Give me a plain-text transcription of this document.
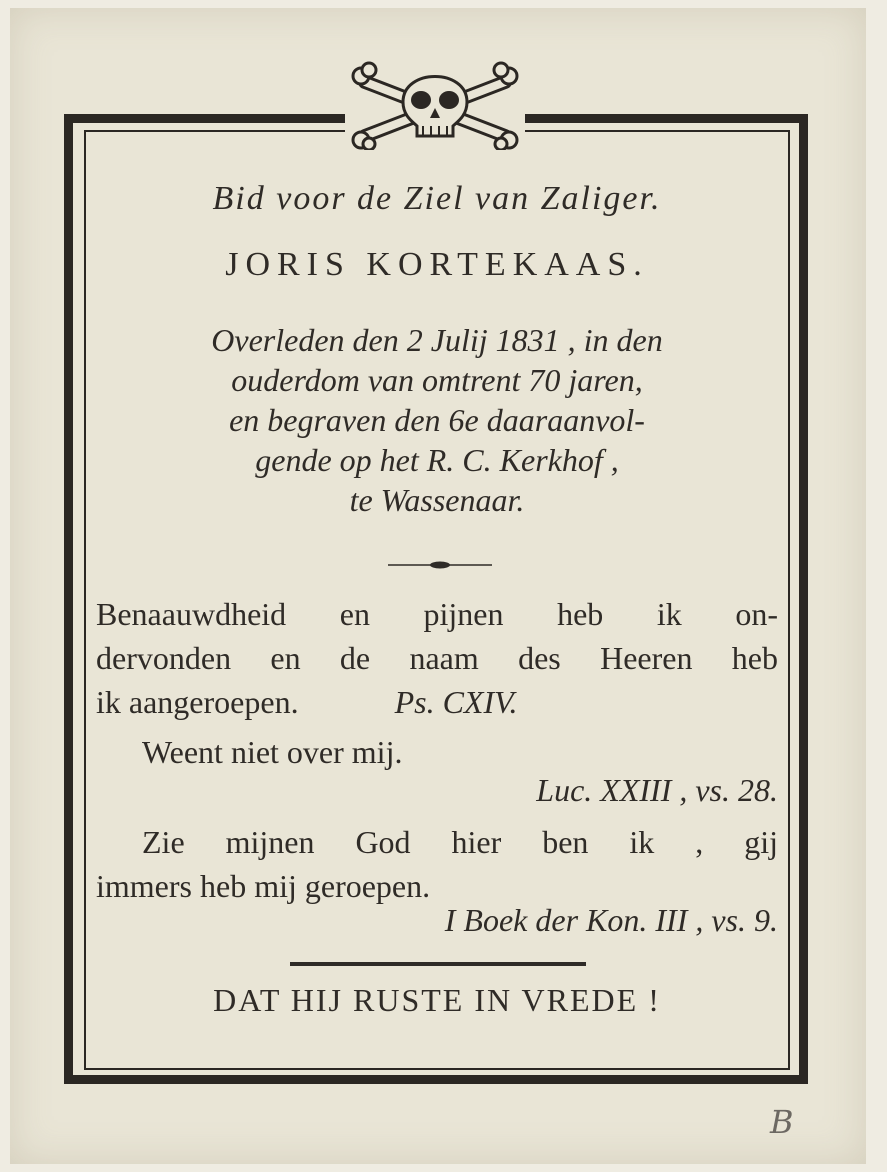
Bid voor de Ziel van Zaliger.

JORIS KORTEKAAS.

Overleden den 2 Julij 1831 , in den
ouderdom van omtrent 70 jaren,
en begraven den 6e daaraanvol-
gende op het R. C. Kerkhof ,
te Wassenaar.
Benaauwdheid en pijnen heb ik on-
dervonden en de naam des Heeren heb
ik aangeroepen.	Ps. CXIV.

Weent niet over mij.

Luc. XXIII , vs. 28.

Zie mijnen God hier ben ik , gij
immers heb mij geroepen.

I Boek der Kon. III , vs. 9.

DAT HIJ RUSTE IN VREDE !

B
